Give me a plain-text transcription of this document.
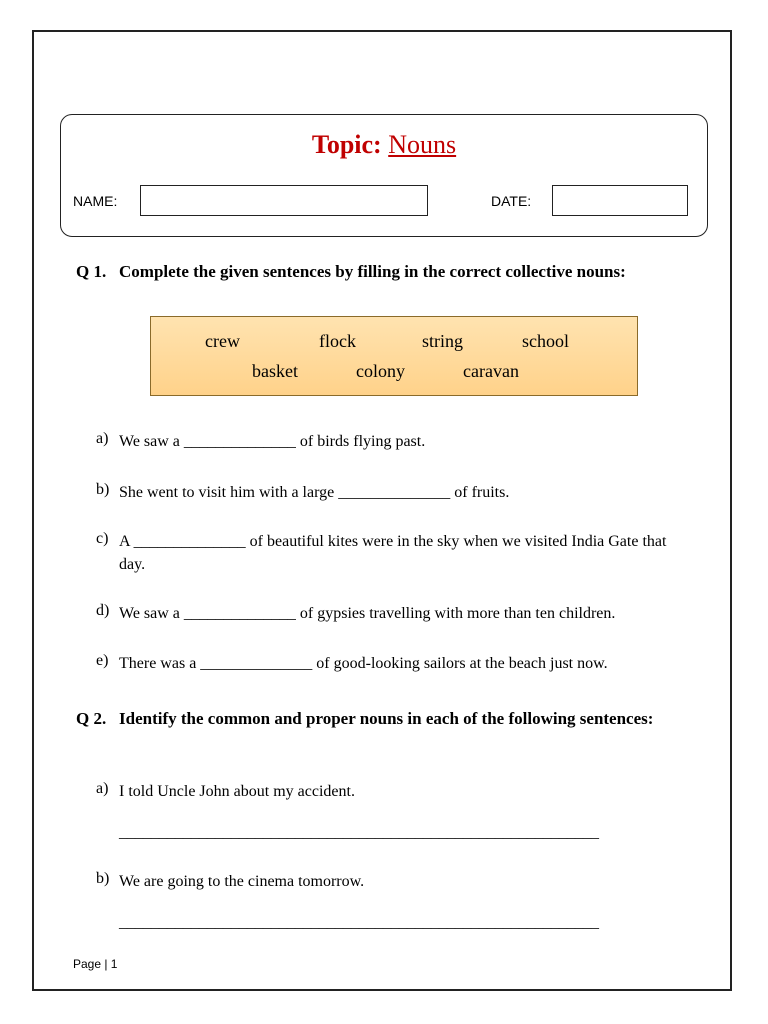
Topic: Nouns
NAME:	DATE:
Q 1. Complete the given sentences by filling in the correct collective nouns:
crew	flock	string	school
basket	colony	caravan
a) We saw a ______________ of birds flying past.
b) She went to visit him with a large ______________ of fruits.
c) A ______________ of beautiful kites were in the sky when we visited India Gate that day.
d) We saw a ______________ of gypsies travelling with more than ten children.
e) There was a ______________ of good-looking sailors at the beach just now.
Q 2. Identify the common and proper nouns in each of the following sentences:
a) I told Uncle John about my accident.
____________________________________________________________
b) We are going to the cinema tomorrow.
____________________________________________________________
Page | 1
